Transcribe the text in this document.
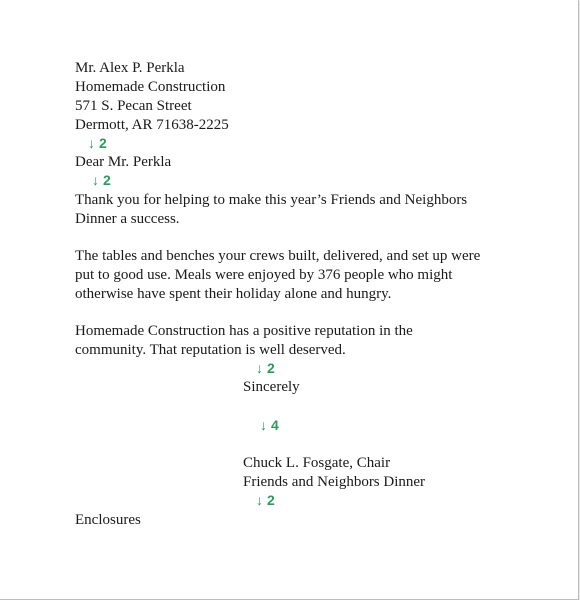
Mr. Alex P. Perkla
Homemade Construction
571 S. Pecan Street
Dermott, AR 71638-2225
↓ 2
Dear Mr. Perkla
↓ 2
Thank you for helping to make this year’s Friends and Neighbors
Dinner a success.
The tables and benches your crews built, delivered, and set up were
put to good use. Meals were enjoyed by 376 people who might
otherwise have spent their holiday alone and hungry.
Homemade Construction has a positive reputation in the
community. That reputation is well deserved.
↓ 2
Sincerely
↓ 4
Chuck L. Fosgate, Chair
Friends and Neighbors Dinner
↓ 2
Enclosures
